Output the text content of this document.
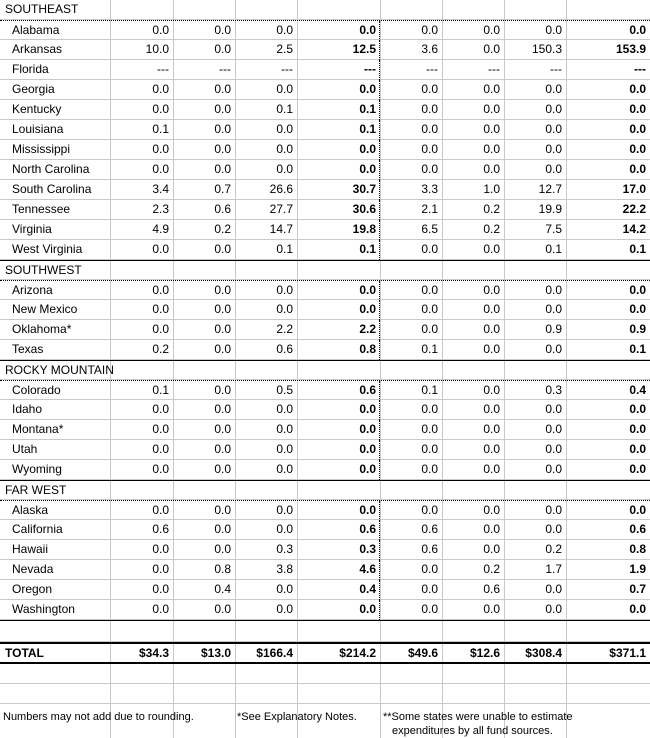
SOUTHEAST
Alabama	0.0	0.0	0.0	0.0	0.0	0.0	0.0	0.0
Arkansas	10.0	0.0	2.5	12.5	3.6	0.0	150.3	153.9
Florida	---	---	---	---	---	---	---	---
Georgia	0.0	0.0	0.0	0.0	0.0	0.0	0.0	0.0
Kentucky	0.0	0.0	0.1	0.1	0.0	0.0	0.0	0.0
Louisiana	0.1	0.0	0.0	0.1	0.0	0.0	0.0	0.0
Mississippi	0.0	0.0	0.0	0.0	0.0	0.0	0.0	0.0
North Carolina	0.0	0.0	0.0	0.0	0.0	0.0	0.0	0.0
South Carolina	3.4	0.7	26.6	30.7	3.3	1.0	12.7	17.0
Tennessee	2.3	0.6	27.7	30.6	2.1	0.2	19.9	22.2
Virginia	4.9	0.2	14.7	19.8	6.5	0.2	7.5	14.2
West Virginia	0.0	0.0	0.1	0.1	0.0	0.0	0.1	0.1
SOUTHWEST
Arizona	0.0	0.0	0.0	0.0	0.0	0.0	0.0	0.0
New Mexico	0.0	0.0	0.0	0.0	0.0	0.0	0.0	0.0
Oklahoma*	0.0	0.0	2.2	2.2	0.0	0.0	0.9	0.9
Texas	0.2	0.0	0.6	0.8	0.1	0.0	0.0	0.1
ROCKY MOUNTAIN
Colorado	0.1	0.0	0.5	0.6	0.1	0.0	0.3	0.4
Idaho	0.0	0.0	0.0	0.0	0.0	0.0	0.0	0.0
Montana*	0.0	0.0	0.0	0.0	0.0	0.0	0.0	0.0
Utah	0.0	0.0	0.0	0.0	0.0	0.0	0.0	0.0
Wyoming	0.0	0.0	0.0	0.0	0.0	0.0	0.0	0.0
FAR WEST
Alaska	0.0	0.0	0.0	0.0	0.0	0.0	0.0	0.0
California	0.6	0.0	0.0	0.6	0.6	0.0	0.0	0.6
Hawaii	0.0	0.0	0.3	0.3	0.6	0.0	0.2	0.8
Nevada	0.0	0.8	3.8	4.6	0.0	0.2	1.7	1.9
Oregon	0.0	0.4	0.0	0.4	0.0	0.6	0.0	0.7
Washington	0.0	0.0	0.0	0.0	0.0	0.0	0.0	0.0
TOTAL	$34.3	$13.0	$166.4	$214.2	$49.6	$12.6	$308.4	$371.1
Numbers may not add due to rounding.	*See Explanatory Notes. **Some states were unable to estimate
expenditures by all fund sources.
